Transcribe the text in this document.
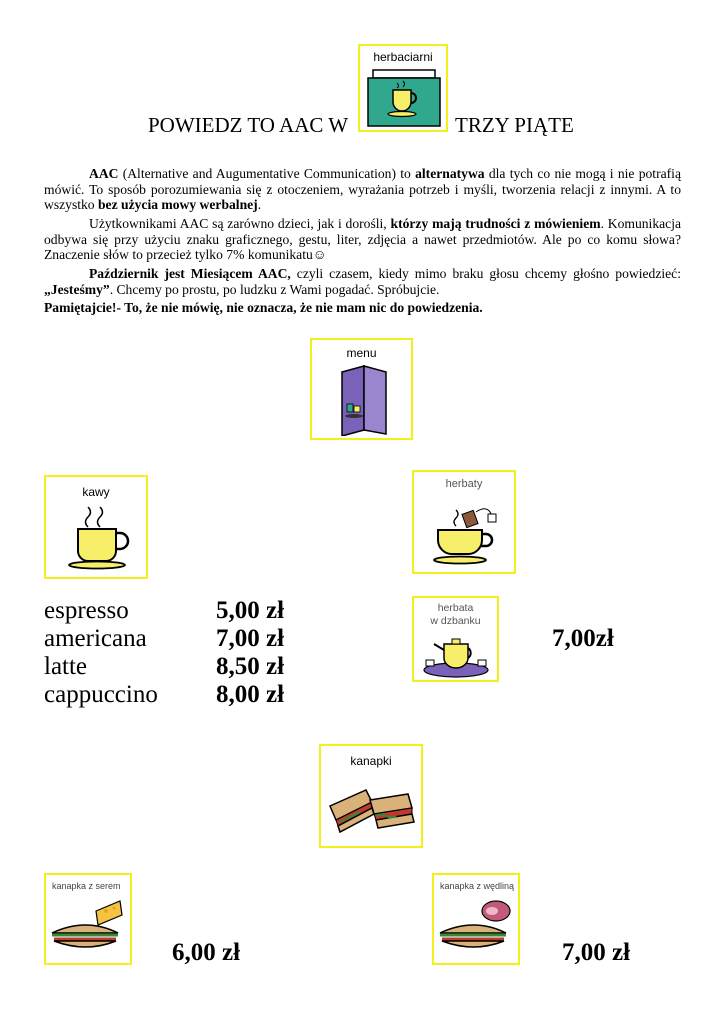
herbaciarni
POWIEDZ TO AAC W	TRZY PIĄTE
AAC (Alternative and Augumentative Communication) to alternatywa dla tych co nie mogą i nie potrafią mówić. To sposób porozumiewania się z otoczeniem, wyrażania potrzeb i myśli, tworzenia relacji z innymi. A to wszystko bez użycia mowy werbalnej.
Użytkownikami AAC są zarówno dzieci, jak i dorośli, którzy mają trudności z mówieniem. Komunikacja odbywa się przy użyciu znaku graficznego, gestu, liter, zdjęcia a nawet przedmiotów. Ale po co komu słowa? Znaczenie słów to przecież tylko 7% komunikatu☺
Październik jest Miesiącem AAC, czyli czasem, kiedy mimo braku głosu chcemy głośno powiedzieć: „Jesteśmy”. Chcemy po prostu, po ludzku z Wami pogadać. Spróbujcie.
Pamiętajcie!- To, że nie mówię, nie oznacza, że nie mam nic do powiedzenia.
menu
kawy
herbaty
herbata
w dzbanku
espresso
americana
latte
cappuccino
5,00 zł
7,00 zł
8,50 zł
8,00 zł
7,00zł
kanapki
kanapka z serem
6,00 zł
kanapka z wędliną
7,00 zł
